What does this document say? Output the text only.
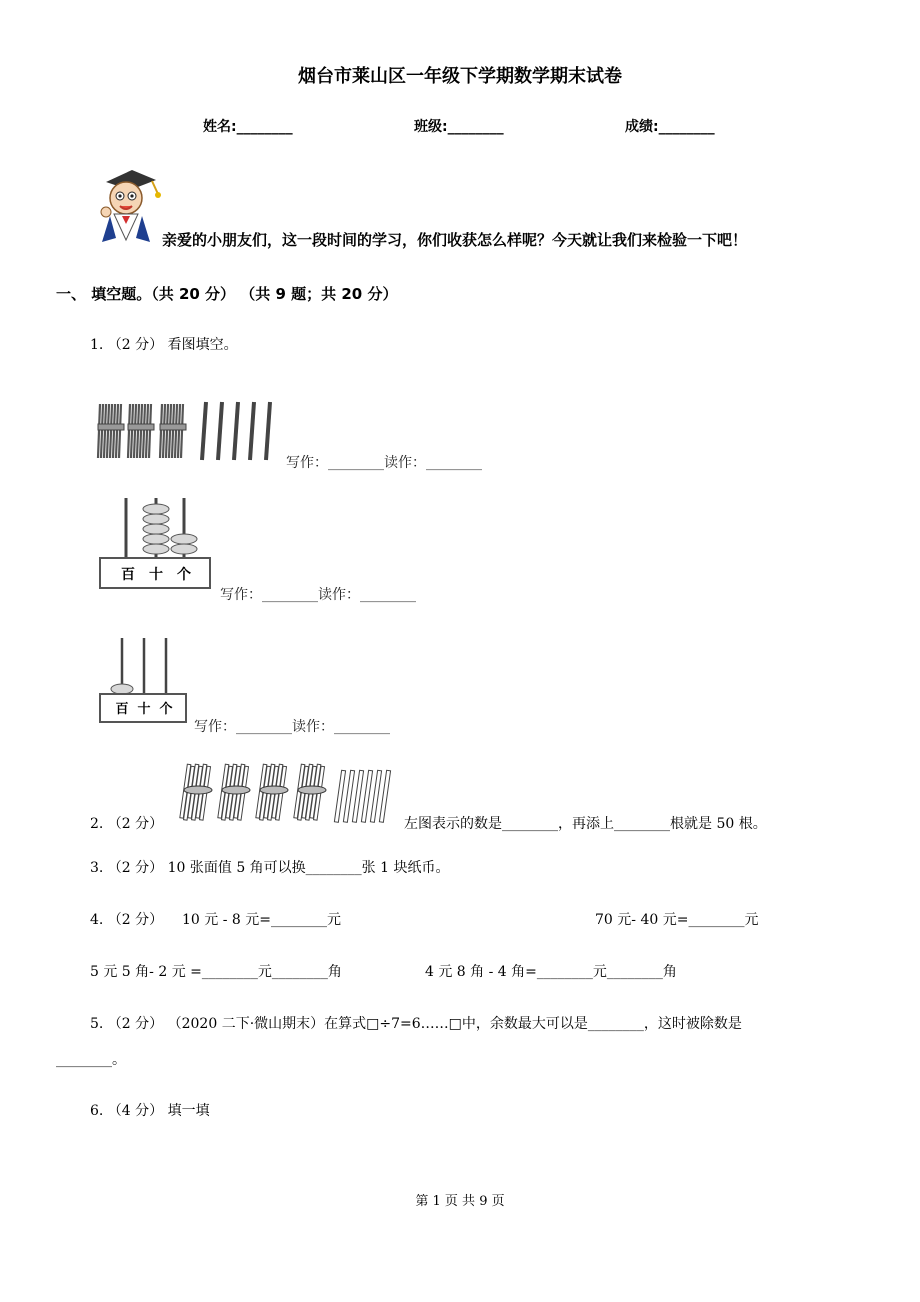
烟台市莱山区一年级下学期数学期末试卷
姓名:________	班级:________	成绩:________
亲爱的小朋友们，这一段时间的学习，你们收获怎么样呢？今天就让我们来检验一下吧！
一、 填空题。（共 20 分） （共 9 题；共 20 分）
1. （2 分） 看图填空。
写作：________读作：________
百 十 个
写作：________读作：________
百 十 个
写作：________读作：________
2. （2 分）	左图表示的数是________，再添上________根就是 50 根。
3. （2 分） 10 张面值 5 角可以换________张 1 块纸币。
4. （2 分） 10 元 - 8 元=________元	70 元- 40 元=________元
5 元 5 角- 2 元 =________元________角	4 元 8 角 - 4 角=________元________角
5. （2 分） （2020 二下·微山期末）在算式□÷7=6……□中，余数最大可以是________，这时被除数是
________。
6. （4 分） 填一填
第 1 页 共 9 页
